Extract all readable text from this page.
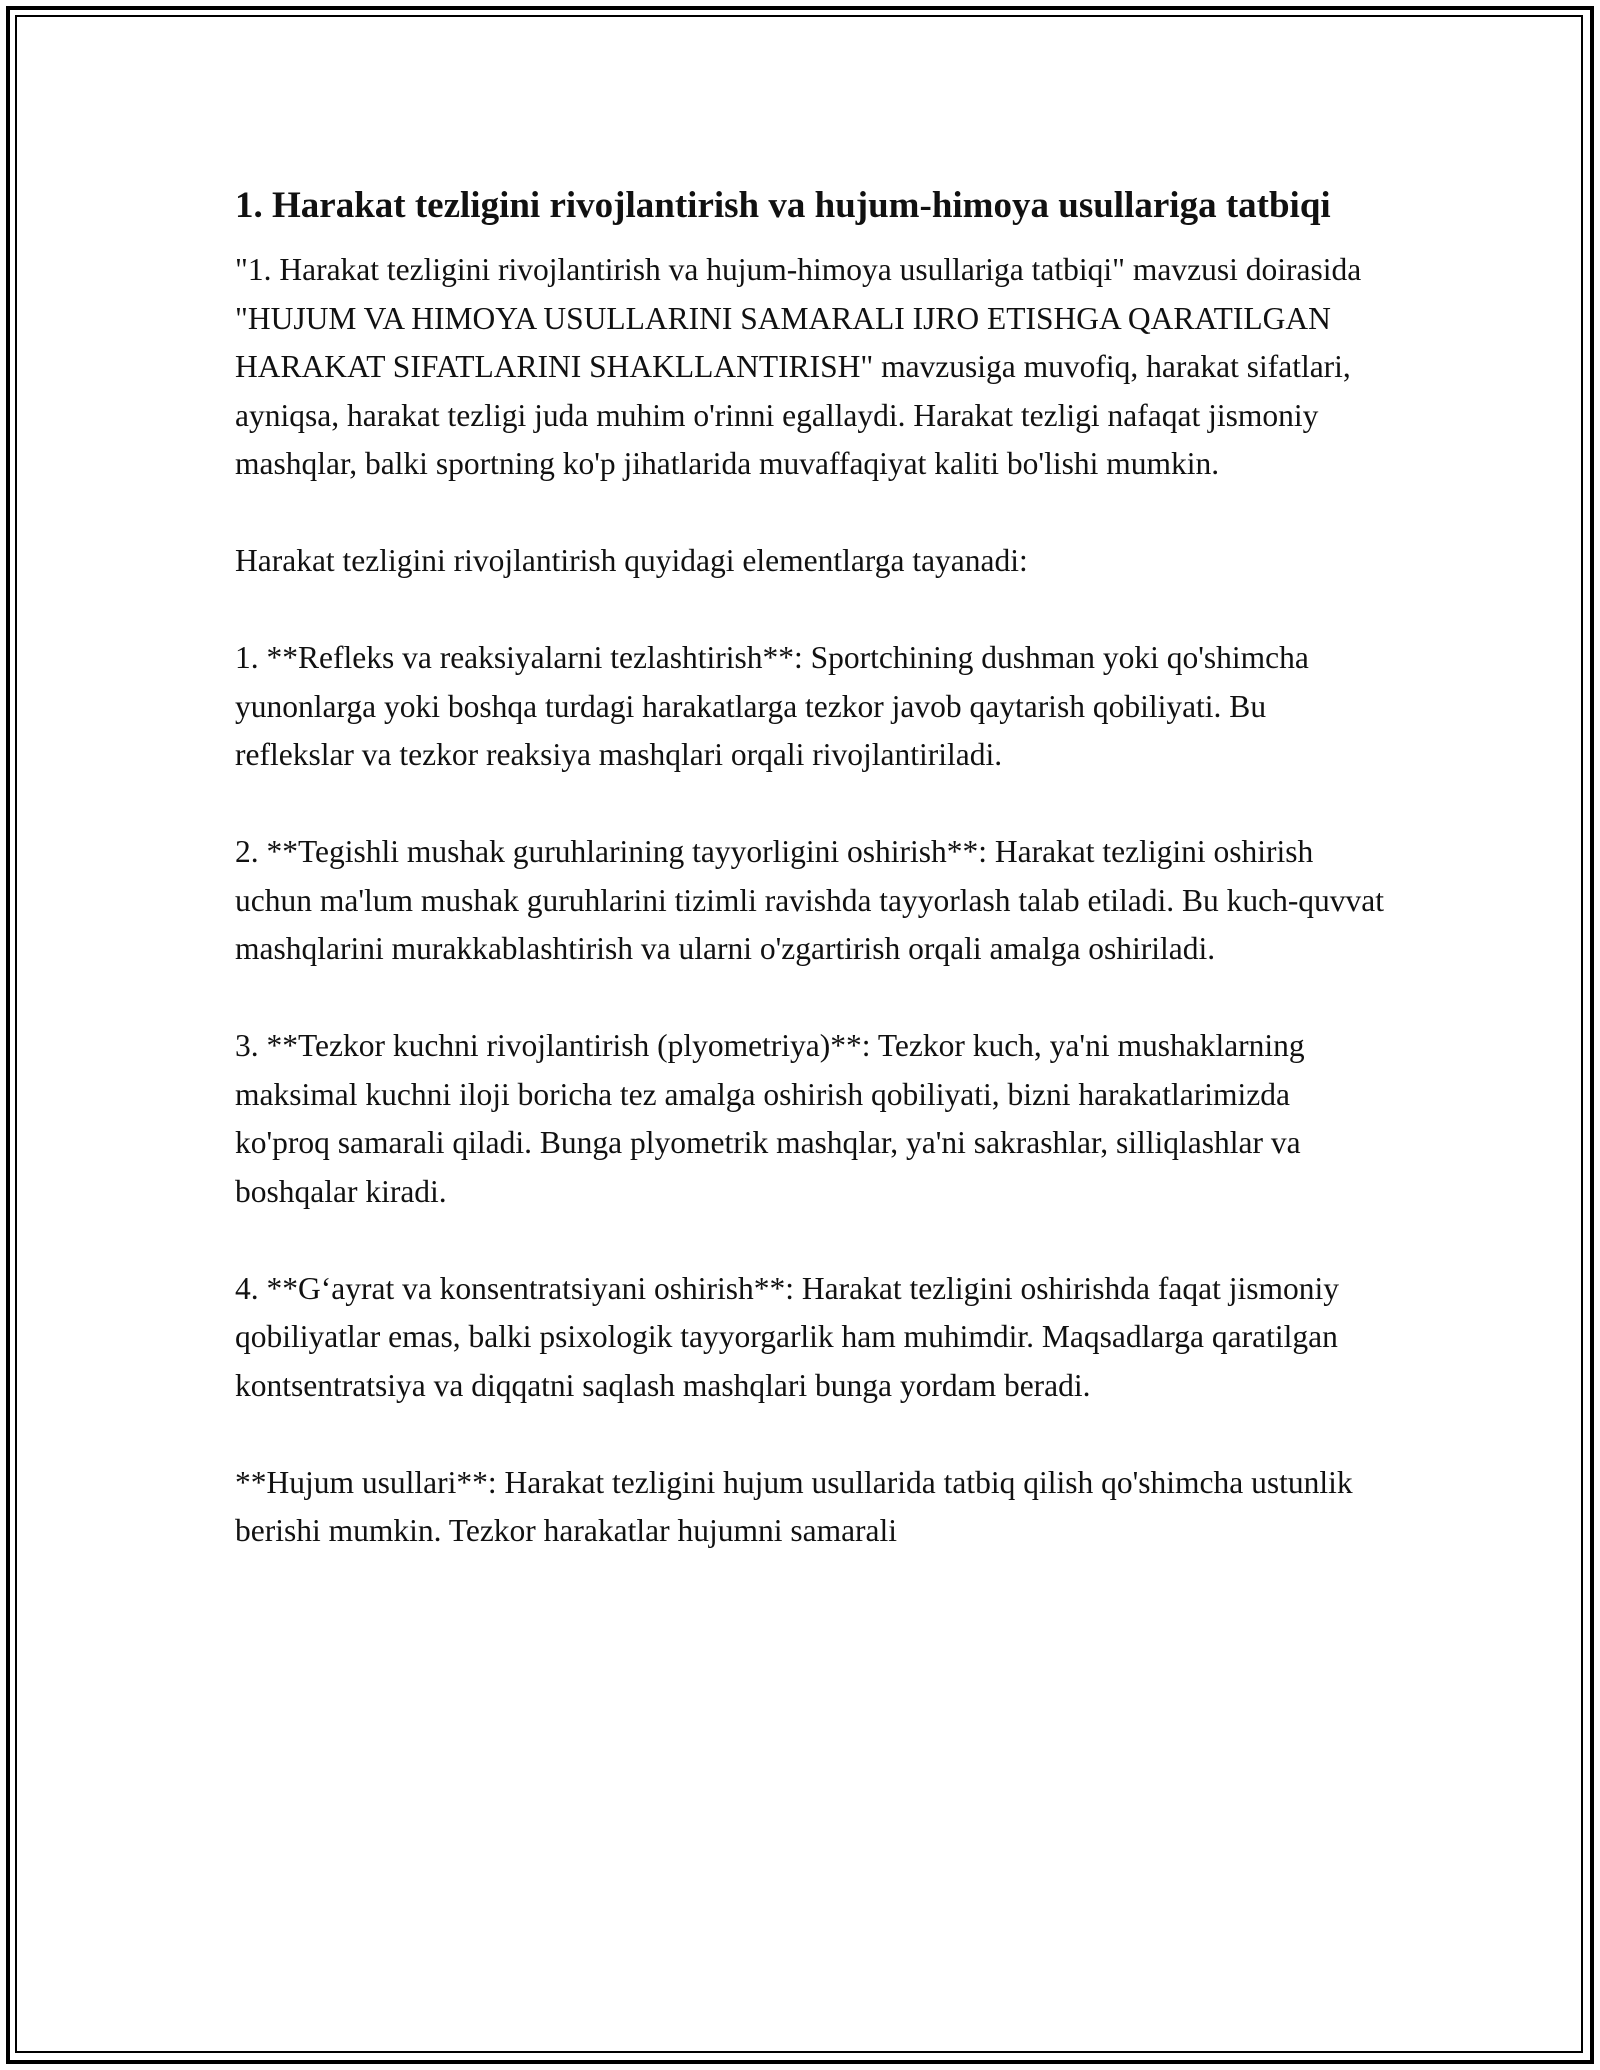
1. Harakat tezligini rivojlantirish va hujum-himoya usullariga tatbiqi

"1. Harakat tezligini rivojlantirish va hujum-himoya usullariga tatbiqi" mavzusi doirasida "HUJUM VA HIMOYA USULLARINI SAMARALI IJRO ETISHGA QARATILGAN HARAKAT SIFATLARINI SHAKLLANTIRISH" mavzusiga muvofiq, harakat sifatlari, ayniqsa, harakat tezligi juda muhim o'rinni egallaydi. Harakat tezligi nafaqat jismoniy mashqlar, balki sportning ko'p jihatlarida muvaffaqiyat kaliti bo'lishi mumkin.

Harakat tezligini rivojlantirish quyidagi elementlarga tayanadi:

1. **Refleks va reaksiyalarni tezlashtirish**: Sportchining dushman yoki qo'shimcha yunonlarga yoki boshqa turdagi harakatlarga tezkor javob qaytarish qobiliyati. Bu reflekslar va tezkor reaksiya mashqlari orqali rivojlantiriladi.

2. **Tegishli mushak guruhlarining tayyorligini oshirish**: Harakat tezligini oshirish uchun ma'lum mushak guruhlarini tizimli ravishda tayyorlash talab etiladi. Bu kuch-quvvat mashqlarini murakkablashtirish va ularni o'zgartirish orqali amalga oshiriladi.

3. **Tezkor kuchni rivojlantirish (plyometriya)**: Tezkor kuch, ya'ni mushaklarning maksimal kuchni iloji boricha tez amalga oshirish qobiliyati, bizni harakatlarimizda ko'proq samarali qiladi. Bunga plyometrik mashqlar, ya'ni sakrashlar, silliqlashlar va boshqalar kiradi.

4. **G‘ayrat va konsentratsiyani oshirish**: Harakat tezligini oshirishda faqat jismoniy qobiliyatlar emas, balki psixologik tayyorgarlik ham muhimdir. Maqsadlarga qaratilgan kontsentratsiya va diqqatni saqlash mashqlari bunga yordam beradi.

**Hujum usullari**: Harakat tezligini hujum usullarida tatbiq qilish qo'shimcha ustunlik berishi mumkin. Tezkor harakatlar hujumni samarali
